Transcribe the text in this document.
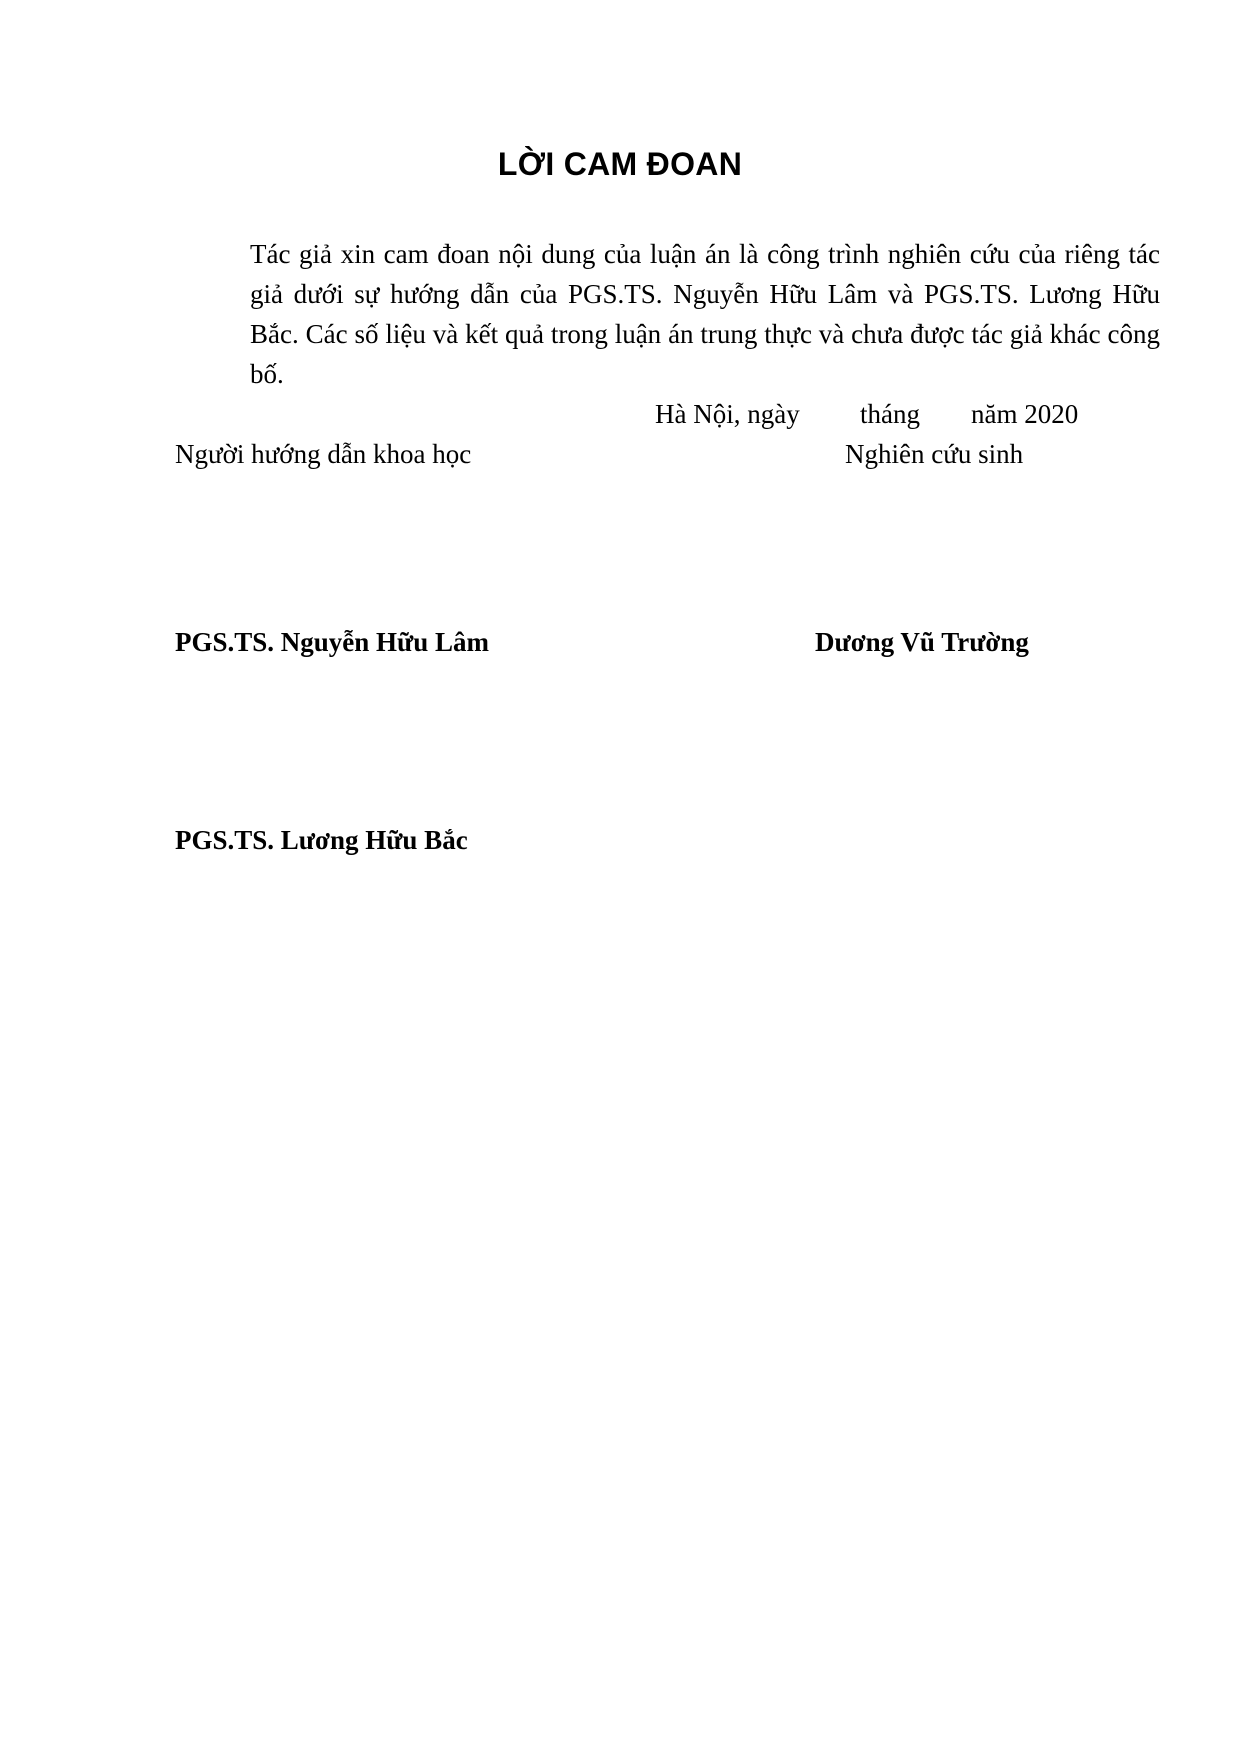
LỜI CAM ĐOAN
Tác giả xin cam đoan nội dung của luận án là công trình nghiên cứu của riêng tác giả dưới sự hướng dẫn của PGS.TS. Nguyễn Hữu Lâm và PGS.TS. Lương Hữu Bắc. Các số liệu và kết quả trong luận án trung thực và chưa được tác giả khác công bố.
Hà Nội, ngày tháng năm 2020
Người hướng dẫn khoa học	Nghiên cứu sinh
PGS.TS. Nguyễn Hữu Lâm	Dương Vũ Trường
PGS.TS. Lương Hữu Bắc
